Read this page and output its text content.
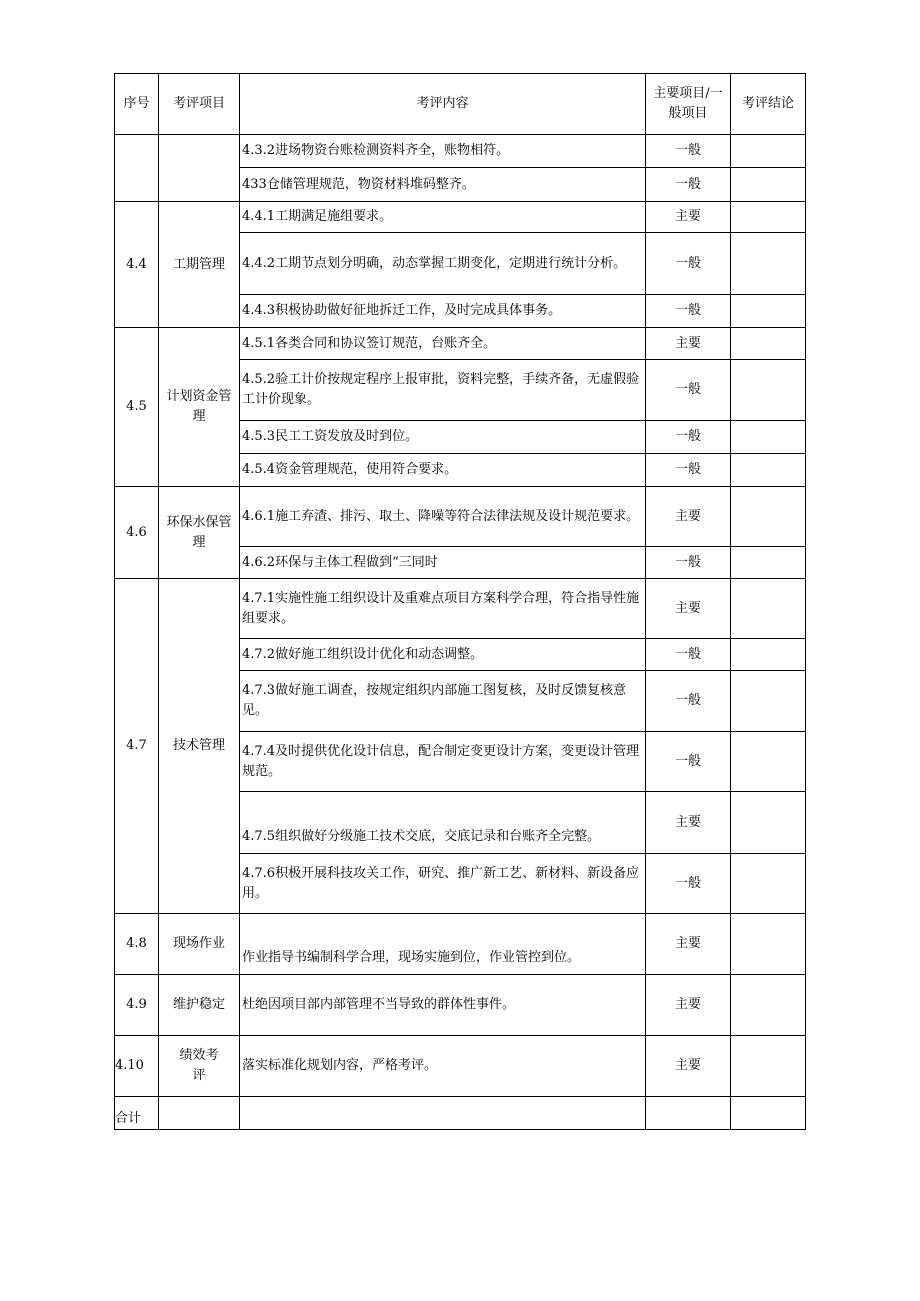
序号	考评项目	考评内容	主要项目/一般项目	考评结论
		4.3.2进场物资台账检测资料齐全，账物相符。	一般	
		433仓储管理规范，物资材料堆码整齐。	一般	
4.4	工期管理	4.4.1工期满足施组要求。	主要	
		4.4.2工期节点划分明确，动态掌握工期变化，定期进行统计分析。	一般	
		4.4.3积极协助做好征地拆迁工作，及时完成具体事务。	一般	
4.5	计划资金管理	4.5.1各类合同和协议签订规范，台账齐全。	主要	
		4.5.2验工计价按规定程序上报审批，资料完整，手续齐备，无虚假验工计价现象。	一般	
		4.5.3民工工资发放及时到位。	一般	
		4.5.4资金管理规范，使用符合要求。	一般	
4.6	环保水保管理	4.6.1施工弃渣、排污、取土、降噪等符合法律法规及设计规范要求。	主要	
		4.6.2环保与主体工程做到“三同时	一般	
4.7	技术管理	4.7.1实施性施工组织设计及重难点项目方案科学合理，符合指导性施组要求。	主要	
		4.7.2做好施工组织设计优化和动态调整。	一般	
		4.7.3做好施工调查，按规定组织内部施工图复核，及时反馈复核意见。	一般	
		4.7.4及时提供优化设计信息，配合制定变更设计方案，变更设计管理规范。	一般	
		4.7.5组织做好分级施工技术交底，交底记录和台账齐全完整。	主要	
		4.7.6积极开展科技攻关工作，研究、推广新工艺、新材料、新设备应用。	一般	
4.8	现场作业	作业指导书编制科学合理，现场实施到位，作业管控到位。	主要	
4.9	维护稳定	杜绝因项目部内部管理不当导致的群体性事件。	主要	
4.10	绩效考评	落实标准化规划内容，严格考评。	主要	
合计				
